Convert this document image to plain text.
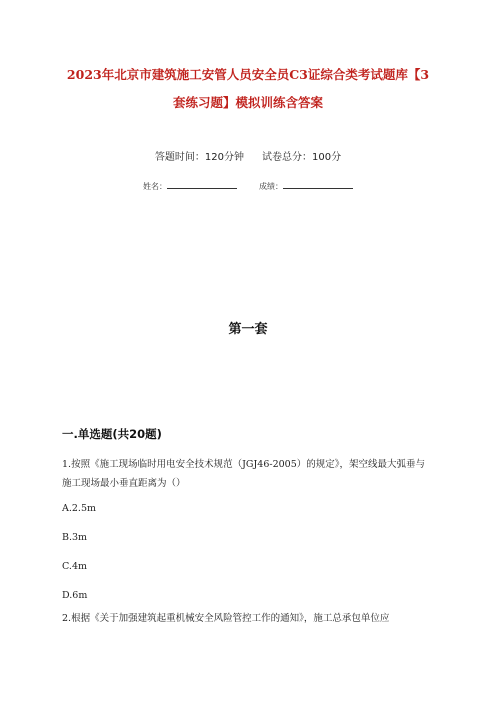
2023年北京市建筑施工安管人员安全员C3证综合类考试题库【3
套练习题】模拟训练含答案
答题时间：120分钟 试卷总分：100分
姓名：	成绩：
第一套
一.单选题(共20题)
1.按照《施工现场临时用电安全技术规范（JGJ46-2005）的规定》，架空线最大弧垂与施工现场最小垂直距离为（）
A.2.5m
B.3m
C.4m
D.6m
2.根据《关于加强建筑起重机械安全风险管控工作的通知》，施工总承包单位应
